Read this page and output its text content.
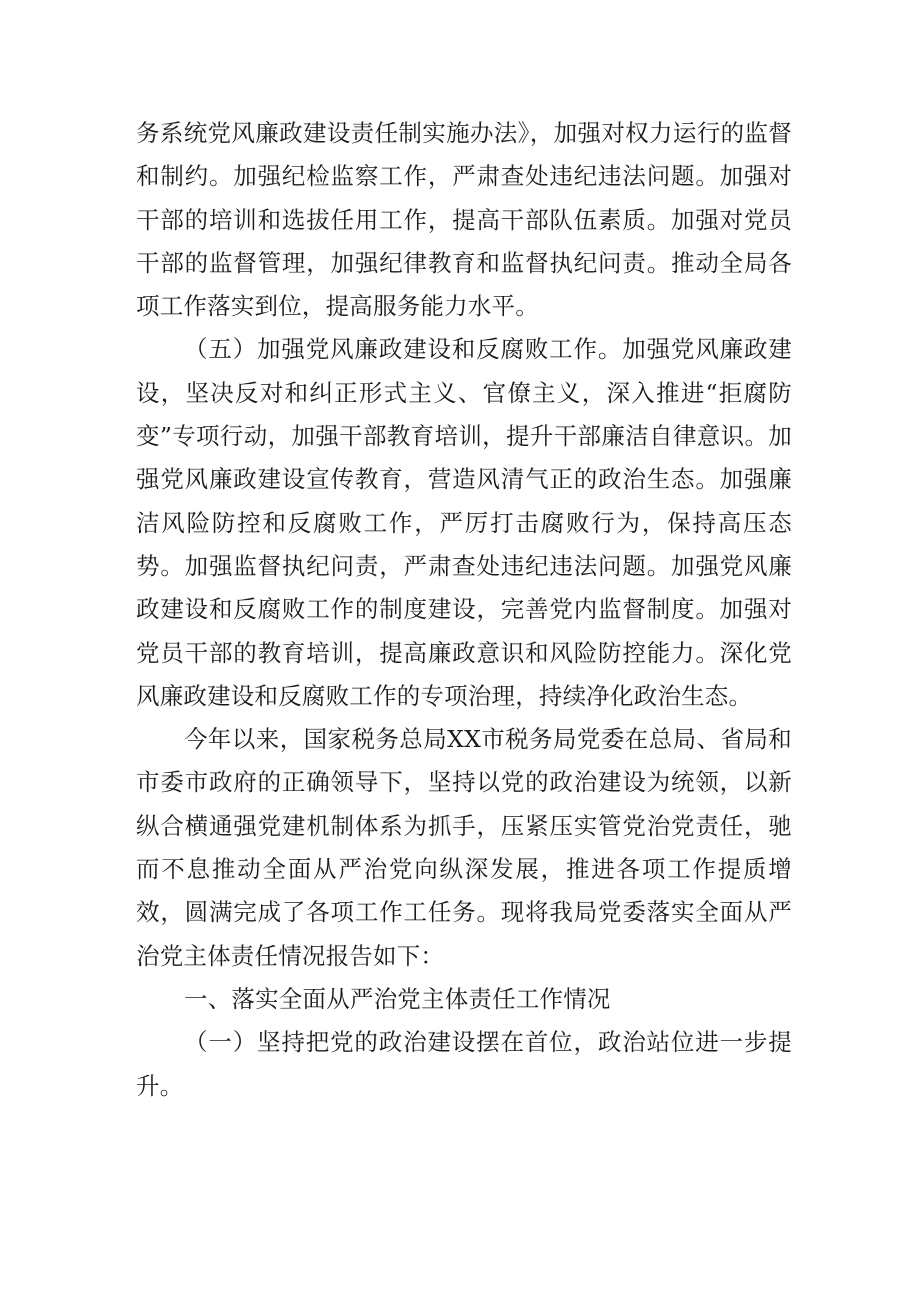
务系统党风廉政建设责任制实施办法》，加强对权力运行的监督和制约。加强纪检监察工作，严肃查处违纪违法问题。加强对干部的培训和选拔任用工作，提高干部队伍素质。加强对党员干部的监督管理，加强纪律教育和监督执纪问责。推动全局各项工作落实到位，提高服务能力水平。

（五）加强党风廉政建设和反腐败工作。加强党风廉政建设，坚决反对和纠正形式主义、官僚主义，深入推进“拒腐防变”专项行动，加强干部教育培训，提升干部廉洁自律意识。加强党风廉政建设宣传教育，营造风清气正的政治生态。加强廉洁风险防控和反腐败工作，严厉打击腐败行为，保持高压态势。加强监督执纪问责，严肃查处违纪违法问题。加强党风廉政建设和反腐败工作的制度建设，完善党内监督制度。加强对党员干部的教育培训，提高廉政意识和风险防控能力。深化党风廉政建设和反腐败工作的专项治理，持续净化政治生态。

今年以来，国家税务总局XX市税务局党委在总局、省局和市委市政府的正确领导下，坚持以党的政治建设为统领，以新纵合横通强党建机制体系为抓手，压紧压实管党治党责任，驰而不息推动全面从严治党向纵深发展，推进各项工作提质增效，圆满完成了各项工作工任务。现将我局党委落实全面从严治党主体责任情况报告如下：

一、落实全面从严治党主体责任工作情况

（一）坚持把党的政治建设摆在首位，政治站位进一步提升。
